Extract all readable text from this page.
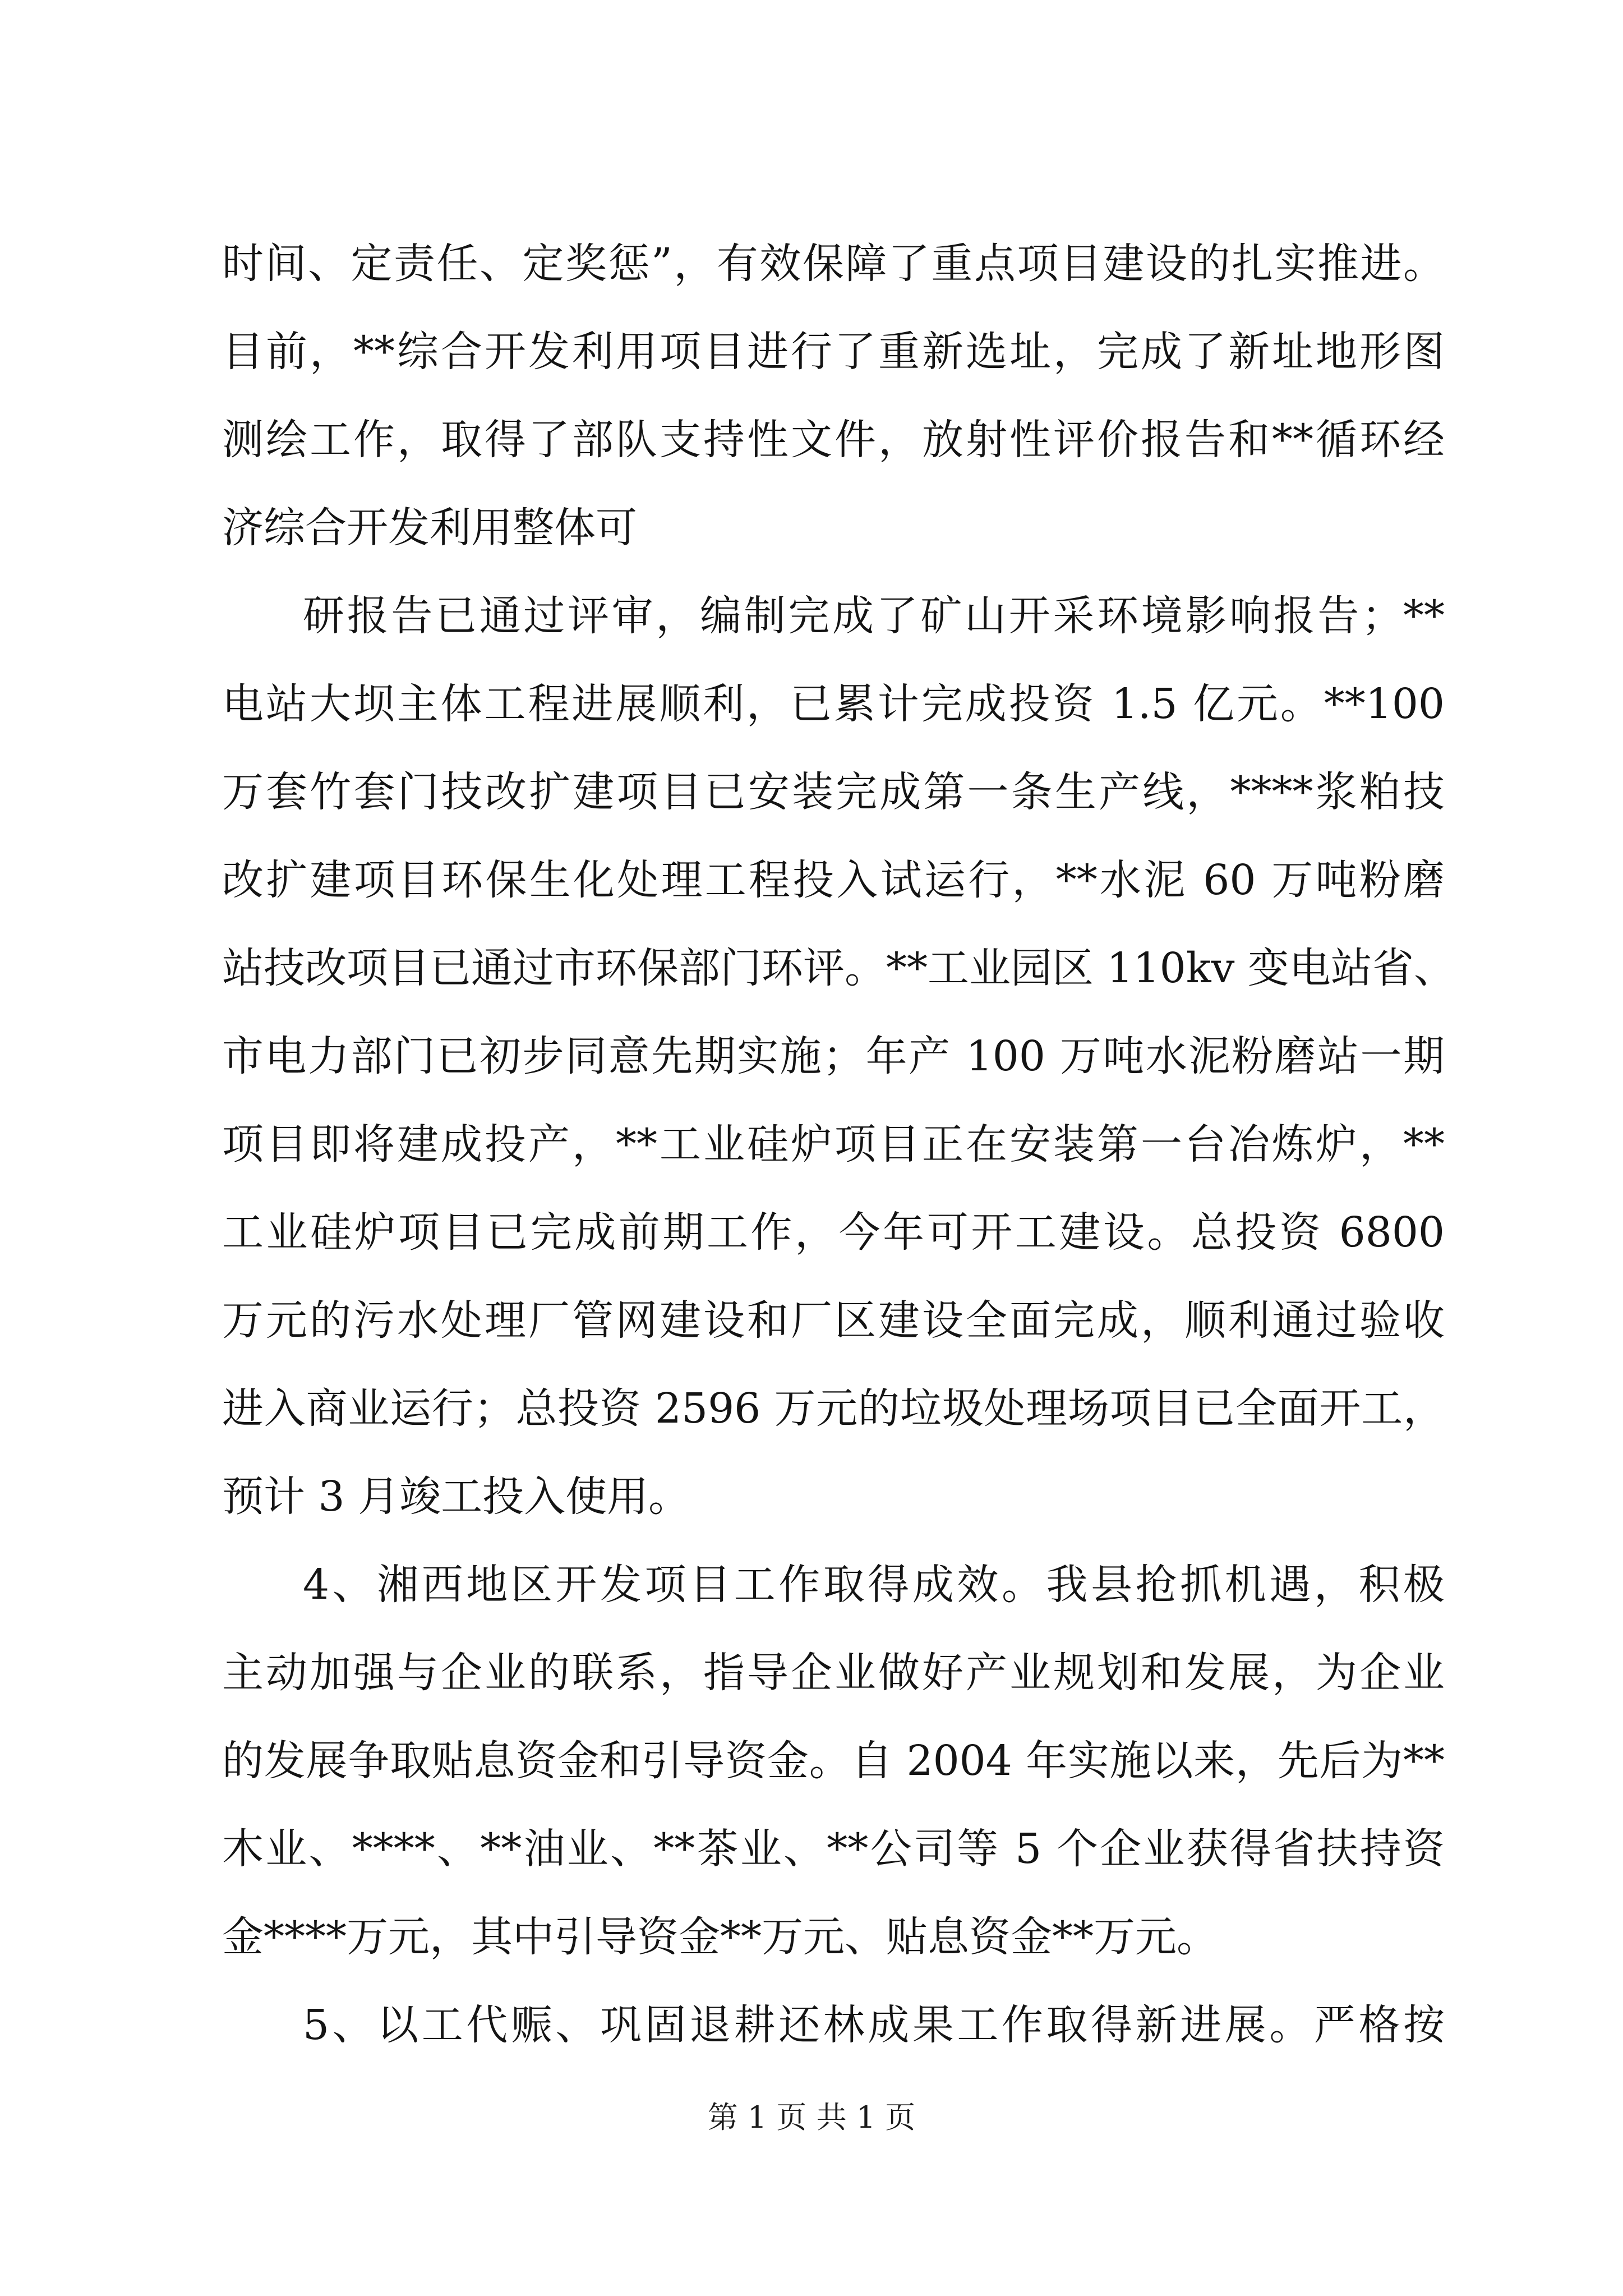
时间、定责任、定奖惩”，有效保障了重点项目建设的扎实推进。
目前，**综合开发利用项目进行了重新选址，完成了新址地形图
测绘工作，取得了部队支持性文件，放射性评价报告和**循环经
济综合开发利用整体可
研报告已通过评审，编制完成了矿山开采环境影响报告；**
电站大坝主体工程进展顺利，已累计完成投资 1.5 亿元。**100
万套竹套门技改扩建项目已安装完成第一条生产线，****浆粕技
改扩建项目环保生化处理工程投入试运行，**水泥 60 万吨粉磨
站技改项目已通过市环保部门环评。**工业园区 110kv 变电站省、
市电力部门已初步同意先期实施；年产 100 万吨水泥粉磨站一期
项目即将建成投产，**工业硅炉项目正在安装第一台冶炼炉，**
工业硅炉项目已完成前期工作，今年可开工建设。总投资 6800
万元的污水处理厂管网建设和厂区建设全面完成，顺利通过验收
进入商业运行；总投资 2596 万元的垃圾处理场项目已全面开工，
预计 3 月竣工投入使用。
4、湘西地区开发项目工作取得成效。我县抢抓机遇，积极
主动加强与企业的联系，指导企业做好产业规划和发展，为企业
的发展争取贴息资金和引导资金。自 2004 年实施以来，先后为**
木业、****、**油业、**茶业、**公司等 5 个企业获得省扶持资
金****万元，其中引导资金**万元、贴息资金**万元。
第 1 页 共 1 页
5、以工代赈、巩固退耕还林成果工作取得新进展。严格按
